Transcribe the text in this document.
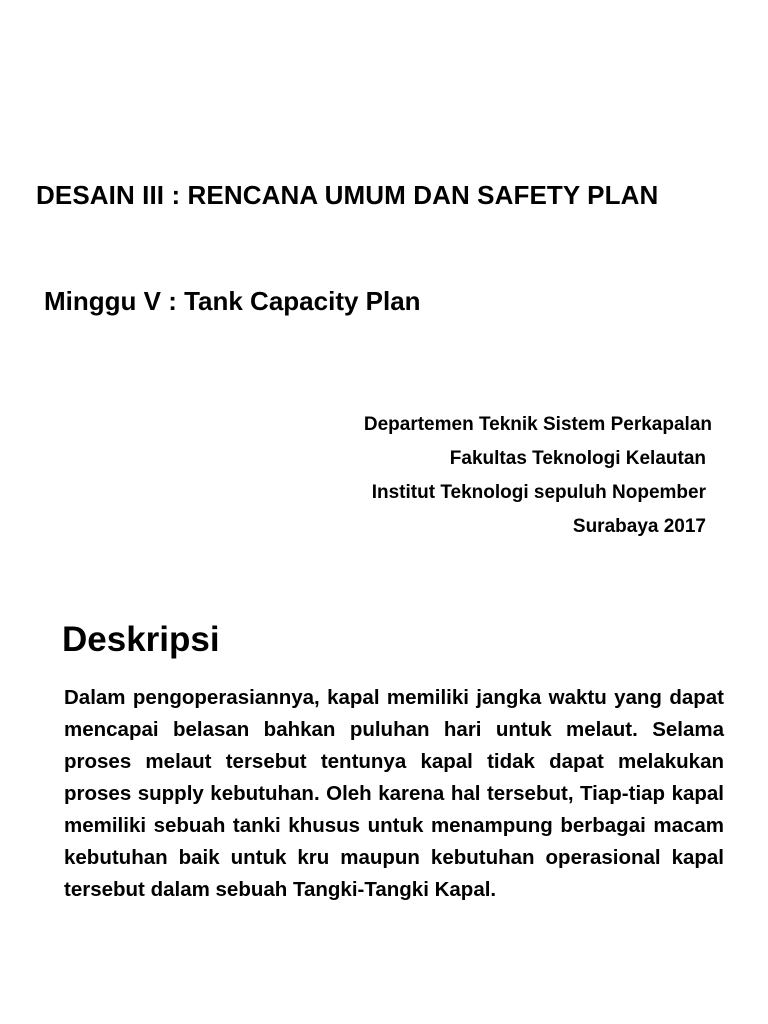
DESAIN III : RENCANA UMUM DAN SAFETY PLAN
Minggu V : Tank Capacity Plan
Departemen Teknik Sistem Perkapalan
Fakultas Teknologi Kelautan
Institut Teknologi sepuluh Nopember
Surabaya 2017
Deskripsi
Dalam pengoperasiannya, kapal memiliki jangka waktu yang dapat mencapai belasan bahkan puluhan hari untuk melaut. Selama proses melaut tersebut tentunya kapal tidak dapat melakukan proses supply kebutuhan. Oleh karena hal tersebut, Tiap-tiap kapal memiliki sebuah tanki khusus untuk menampung berbagai macam kebutuhan baik untuk kru maupun kebutuhan operasional kapal tersebut dalam sebuah Tangki-Tangki Kapal.
